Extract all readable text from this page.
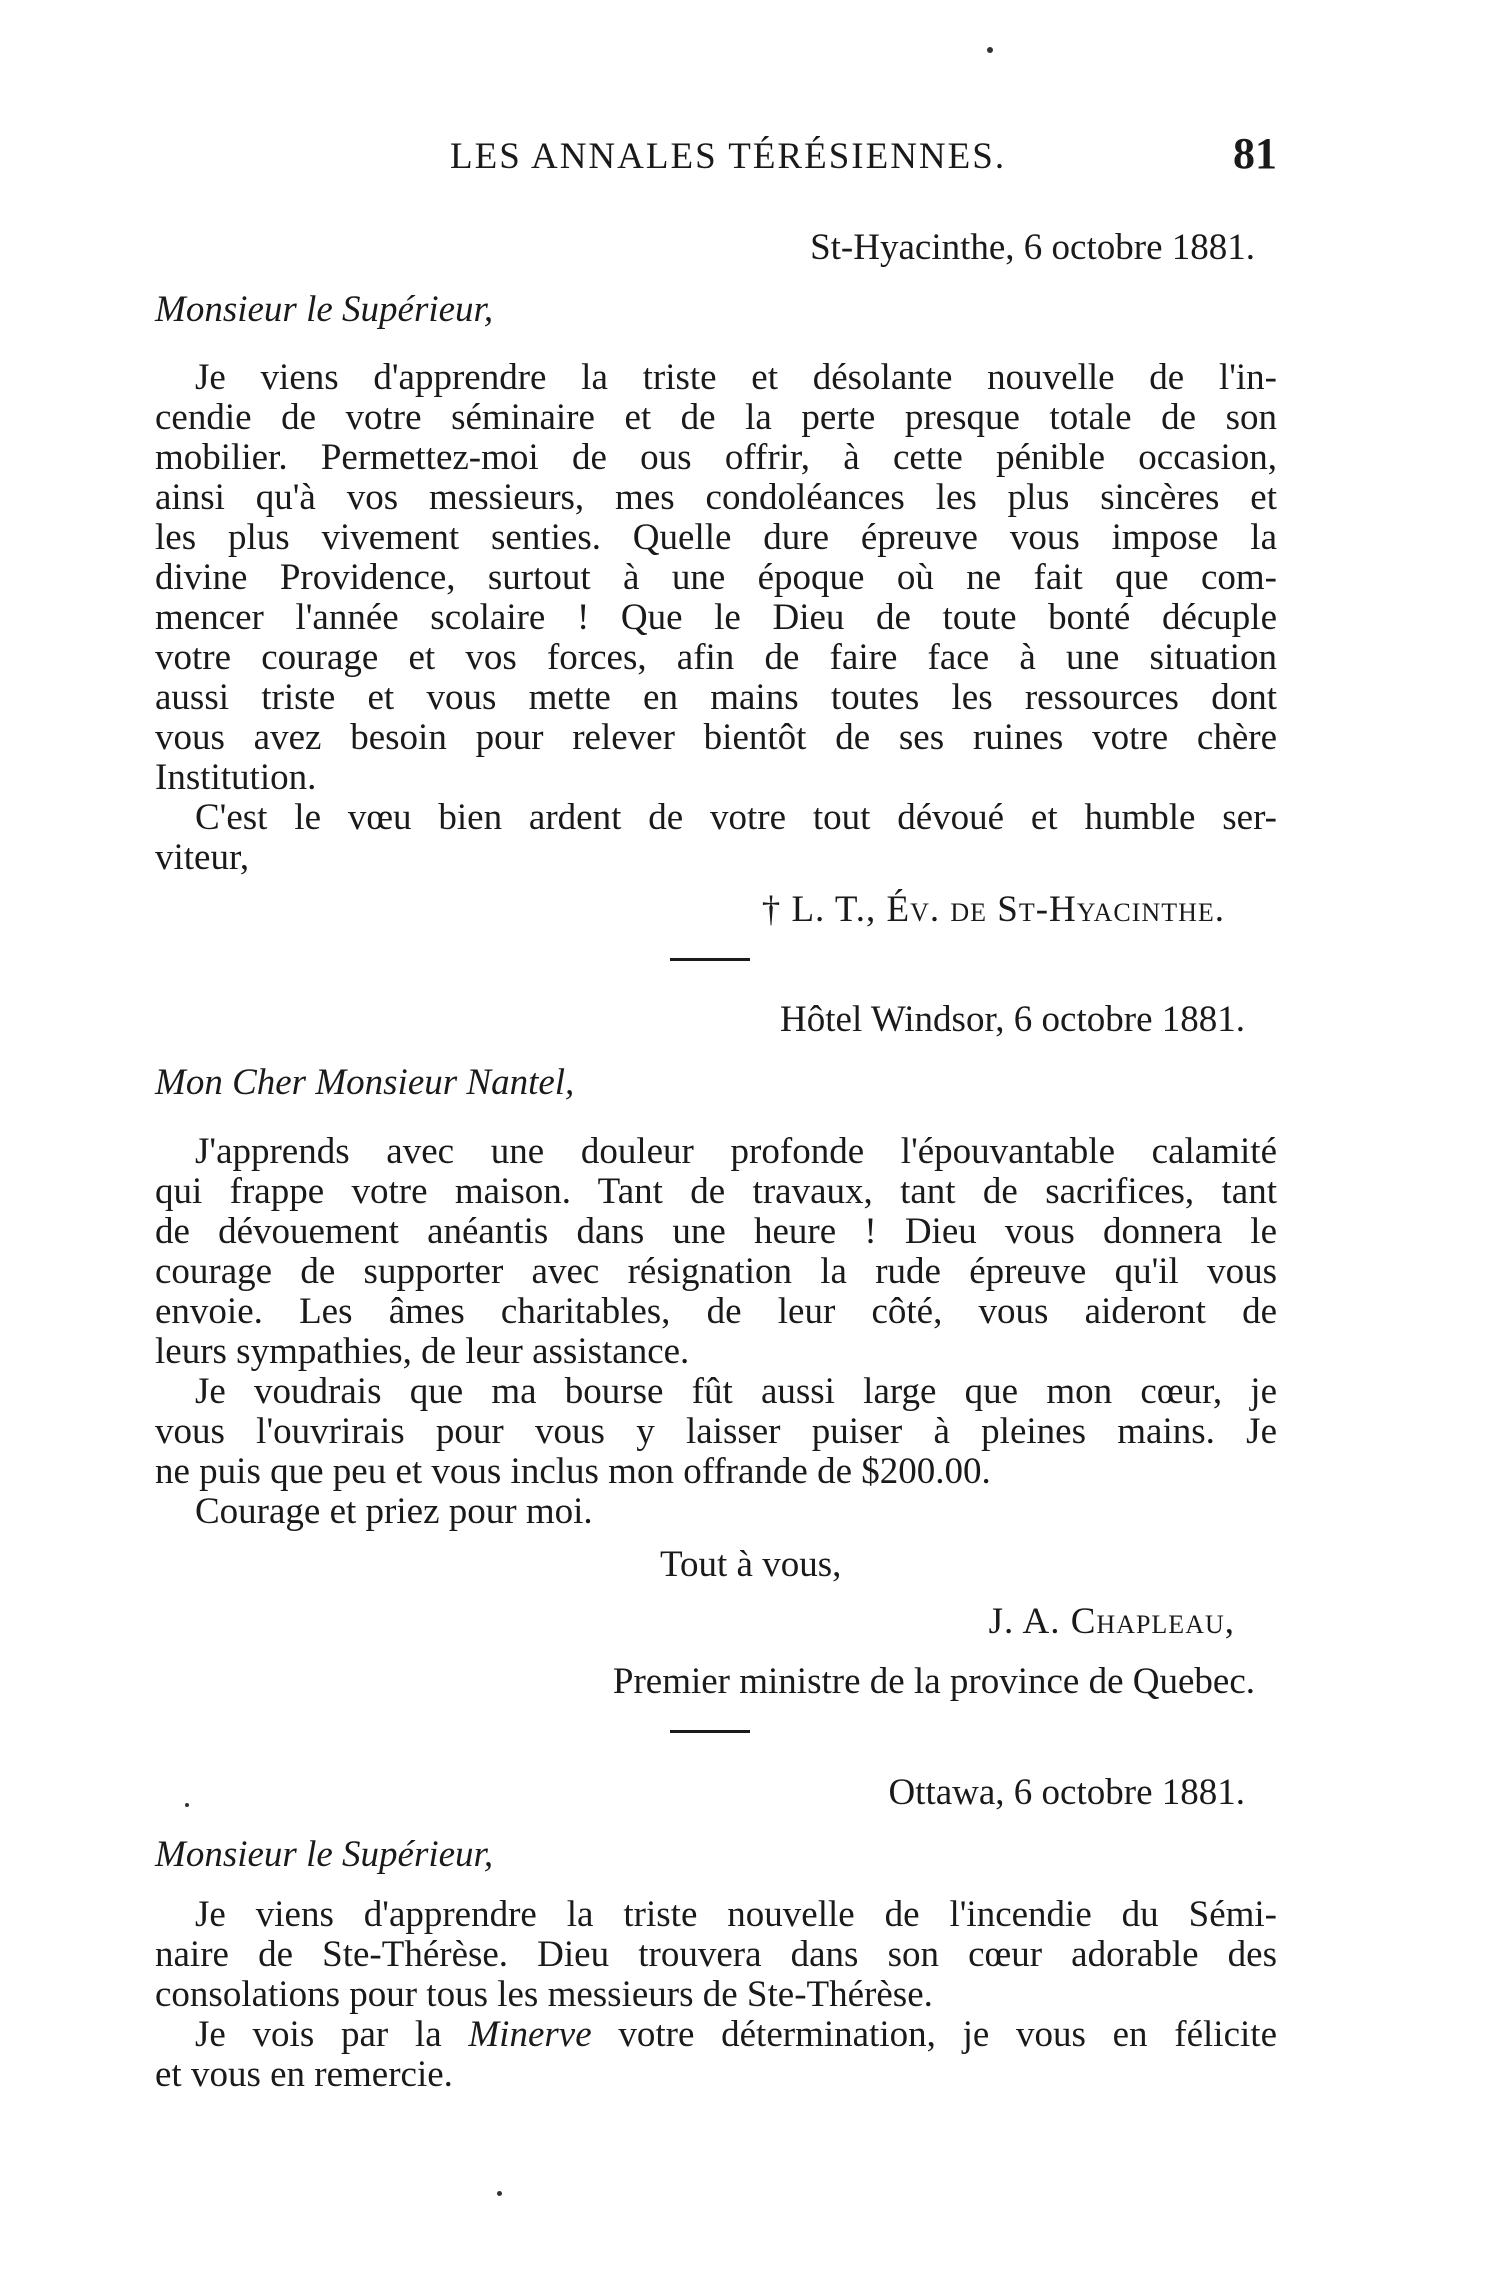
LES ANNALES TÉRÉSIENNES.	81
St-Hyacinthe, 6 octobre 1881.
Monsieur le Supérieur,
Je viens d'apprendre la triste et désolante nouvelle de l'in-
cendie de votre séminaire et de la perte presque totale de son
mobilier. Permettez-moi de ous offrir, à cette pénible occasion,
ainsi qu'à vos messieurs, mes condoléances les plus sincères et
les plus vivement senties. Quelle dure épreuve vous impose la
divine Providence, surtout à une époque où ne fait que com-
mencer l'année scolaire ! Que le Dieu de toute bonté décuple
votre courage et vos forces, afin de faire face à une situation
aussi triste et vous mette en mains toutes les ressources dont
vous avez besoin pour relever bientôt de ses ruines votre chère
Institution.
C'est le vœu bien ardent de votre tout dévoué et humble ser-
viteur,
† L. T., Év. de St-Hyacinthe.
Hôtel Windsor, 6 octobre 1881.
Mon Cher Monsieur Nantel,
J'apprends avec une douleur profonde l'épouvantable calamité
qui frappe votre maison. Tant de travaux, tant de sacrifices, tant
de dévouement anéantis dans une heure ! Dieu vous donnera le
courage de supporter avec résignation la rude épreuve qu'il vous
envoie. Les âmes charitables, de leur côté, vous aideront de
leurs sympathies, de leur assistance.
Je voudrais que ma bourse fût aussi large que mon cœur, je
vous l'ouvrirais pour vous y laisser puiser à pleines mains. Je
ne puis que peu et vous inclus mon offrande de $200.00.
Courage et priez pour moi.
Tout à vous,
J. A. Chapleau,
Premier ministre de la province de Quebec.
Ottawa, 6 octobre 1881.
Monsieur le Supérieur,
Je viens d'apprendre la triste nouvelle de l'incendie du Sémi-
naire de Ste-Thérèse. Dieu trouvera dans son cœur adorable des
consolations pour tous les messieurs de Ste-Thérèse.
Je vois par la Minerve votre détermination, je vous en félicite
et vous en remercie.
